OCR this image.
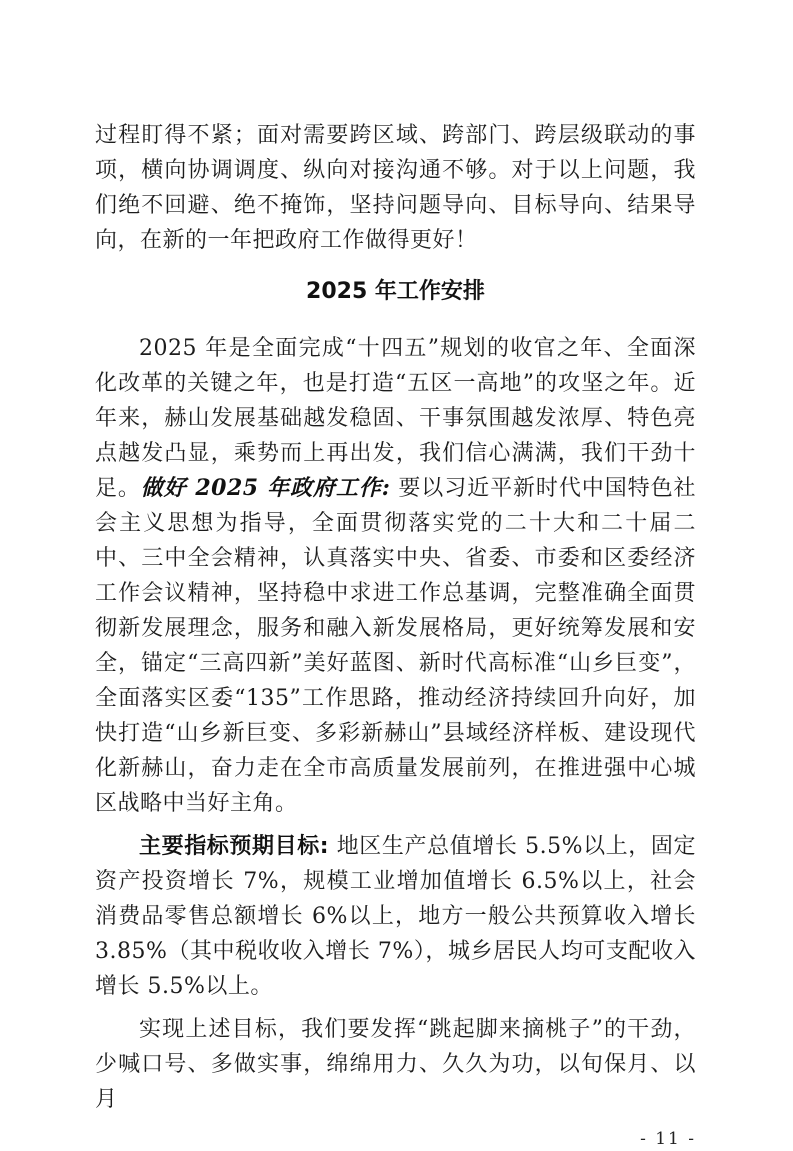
过程盯得不紧；面对需要跨区域、跨部门、跨层级联动的事项，横向协调调度、纵向对接沟通不够。对于以上问题，我们绝不回避、绝不掩饰，坚持问题导向、目标导向、结果导向，在新的一年把政府工作做得更好！

2025 年工作安排

2025 年是全面完成“十四五”规划的收官之年、全面深化改革的关键之年，也是打造“五区一高地”的攻坚之年。近年来，赫山发展基础越发稳固、干事氛围越发浓厚、特色亮点越发凸显，乘势而上再出发，我们信心满满，我们干劲十足。做好 2025 年政府工作: 要以习近平新时代中国特色社会主义思想为指导，全面贯彻落实党的二十大和二十届二中、三中全会精神，认真落实中央、省委、市委和区委经济工作会议精神，坚持稳中求进工作总基调，完整准确全面贯彻新发展理念，服务和融入新发展格局，更好统筹发展和安全，锚定“三高四新”美好蓝图、新时代高标准“山乡巨变”，全面落实区委“135”工作思路，推动经济持续回升向好，加快打造“山乡新巨变、多彩新赫山”县域经济样板、建设现代化新赫山，奋力走在全市高质量发展前列，在推进强中心城区战略中当好主角。

主要指标预期目标: 地区生产总值增长 5.5%以上，固定资产投资增长 7%，规模工业增加值增长 6.5%以上，社会消费品零售总额增长 6%以上，地方一般公共预算收入增长 3.85%（其中税收收入增长 7%），城乡居民人均可支配收入增长 5.5%以上。

实现上述目标，我们要发挥“跳起脚来摘桃子”的干劲，少喊口号、多做实事，绵绵用力、久久为功，以旬保月、以月

- 11 -
